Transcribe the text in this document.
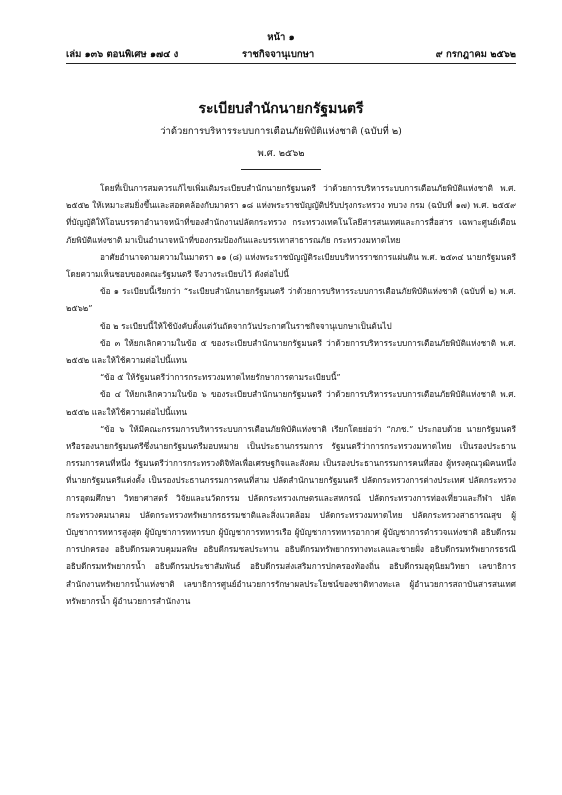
หน้า ๑
เล่ม ๑๓๖ ตอนพิเศษ ๑๗๔ ง	ราชกิจจานุเบกษา	๙ กรกฎาคม ๒๕๖๒
ระเบียบสำนักนายกรัฐมนตรี
ว่าด้วยการบริหารระบบการเตือนภัยพิบัติแห่งชาติ (ฉบับที่ ๒)
พ.ศ. ๒๕๖๒

โดยที่เป็นการสมควรแก้ไขเพิ่มเติมระเบียบสำนักนายกรัฐมนตรี ว่าด้วยการบริหารระบบการเตือนภัยพิบัติแห่งชาติ พ.ศ. ๒๕๕๒ ให้เหมาะสมยิ่งขึ้นและสอดคล้องกับมาตรา ๑๘ แห่งพระราชบัญญัติปรับปรุงกระทรวง ทบวง กรม (ฉบับที่ ๑๗) พ.ศ. ๒๕๕๙ ที่บัญญัติให้โอนบรรดาอำนาจหน้าที่ของสำนักงานปลัดกระทรวง กระทรวงเทคโนโลยีสารสนเทศและการสื่อสาร เฉพาะศูนย์เตือนภัยพิบัติแห่งชาติ มาเป็นอำนาจหน้าที่ของกรมป้องกันและบรรเทาสาธารณภัย กระทรวงมหาดไทย

อาศัยอำนาจตามความในมาตรา ๑๑ (๘) แห่งพระราชบัญญัติระเบียบบริหารราชการแผ่นดิน พ.ศ. ๒๕๓๔ นายกรัฐมนตรีโดยความเห็นชอบของคณะรัฐมนตรี จึงวางระเบียบไว้ ดังต่อไปนี้

ข้อ ๑ ระเบียบนี้เรียกว่า “ระเบียบสำนักนายกรัฐมนตรี ว่าด้วยการบริหารระบบการเตือนภัยพิบัติแห่งชาติ (ฉบับที่ ๒) พ.ศ. ๒๕๖๒”

ข้อ ๒ ระเบียบนี้ให้ใช้บังคับตั้งแต่วันถัดจากวันประกาศในราชกิจจานุเบกษาเป็นต้นไป

ข้อ ๓ ให้ยกเลิกความในข้อ ๕ ของระเบียบสำนักนายกรัฐมนตรี ว่าด้วยการบริหารระบบการเตือนภัยพิบัติแห่งชาติ พ.ศ. ๒๕๕๒ และให้ใช้ความต่อไปนี้แทน

“ข้อ ๕ ให้รัฐมนตรีว่าการกระทรวงมหาดไทยรักษาการตามระเบียบนี้”

ข้อ ๔ ให้ยกเลิกความในข้อ ๖ ของระเบียบสำนักนายกรัฐมนตรี ว่าด้วยการบริหารระบบการเตือนภัยพิบัติแห่งชาติ พ.ศ. ๒๕๕๒ และให้ใช้ความต่อไปนี้แทน

“ข้อ ๖ ให้มีคณะกรรมการบริหารระบบการเตือนภัยพิบัติแห่งชาติ เรียกโดยย่อว่า “กภช.” ประกอบด้วย นายกรัฐมนตรีหรือรองนายกรัฐมนตรีซึ่งนายกรัฐมนตรีมอบหมาย เป็นประธานกรรมการ รัฐมนตรีว่าการกระทรวงมหาดไทย เป็นรองประธานกรรมการคนที่หนึ่ง รัฐมนตรีว่าการกระทรวงดิจิทัลเพื่อเศรษฐกิจและสังคม เป็นรองประธานกรรมการคนที่สอง ผู้ทรงคุณวุฒิคนหนึ่งที่นายกรัฐมนตรีแต่งตั้ง เป็นรองประธานกรรมการคนที่สาม ปลัดสำนักนายกรัฐมนตรี ปลัดกระทรวงการต่างประเทศ ปลัดกระทรวงการอุดมศึกษา วิทยาศาสตร์ วิจัยและนวัตกรรม ปลัดกระทรวงเกษตรและสหกรณ์ ปลัดกระทรวงการท่องเที่ยวและกีฬา ปลัดกระทรวงคมนาคม ปลัดกระทรวงทรัพยากรธรรมชาติและสิ่งแวดล้อม ปลัดกระทรวงมหาดไทย ปลัดกระทรวงสาธารณสุข ผู้บัญชาการทหารสูงสุด ผู้บัญชาการทหารบก ผู้บัญชาการทหารเรือ ผู้บัญชาการทหารอากาศ ผู้บัญชาการตำรวจแห่งชาติ อธิบดีกรมการปกครอง อธิบดีกรมควบคุมมลพิษ อธิบดีกรมชลประทาน อธิบดีกรมทรัพยากรทางทะเลและชายฝั่ง อธิบดีกรมทรัพยากรธรณี อธิบดีกรมทรัพยากรน้ำ อธิบดีกรมประชาสัมพันธ์ อธิบดีกรมส่งเสริมการปกครองท้องถิ่น อธิบดีกรมอุตุนิยมวิทยา เลขาธิการสำนักงานทรัพยากรน้ำแห่งชาติ เลขาธิการศูนย์อำนวยการรักษาผลประโยชน์ของชาติทางทะเล ผู้อำนวยการสถาบันสารสนเทศทรัพยากรน้ำ ผู้อำนวยการสำนักงาน
